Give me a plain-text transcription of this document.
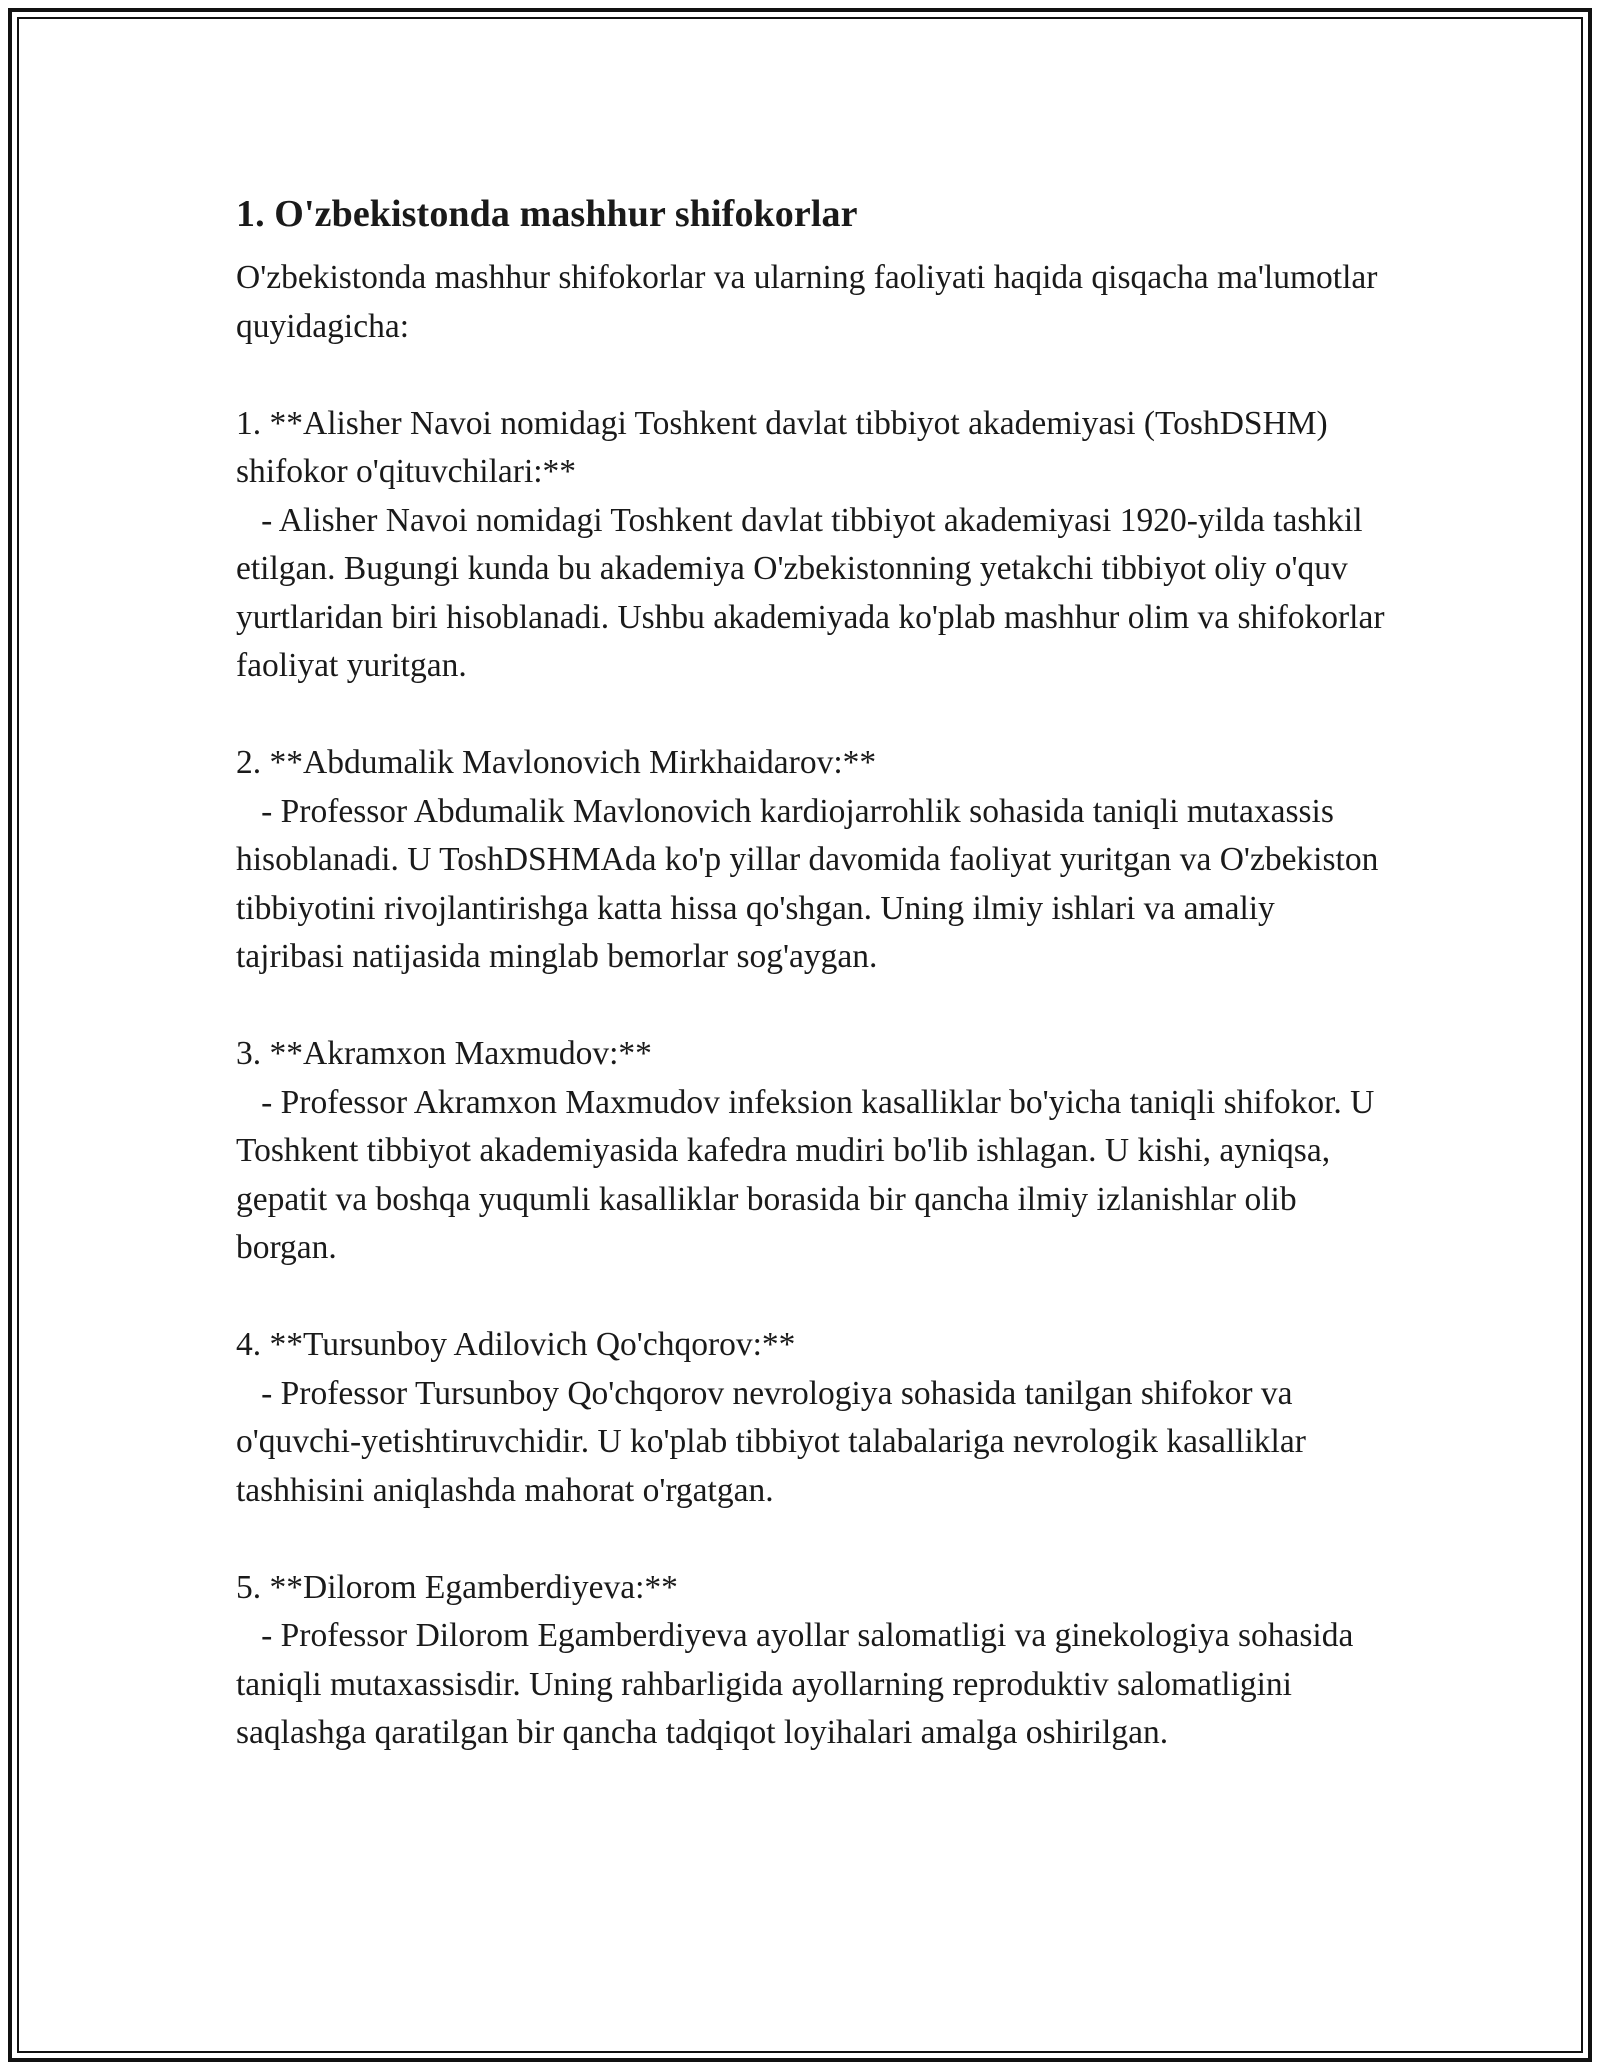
1. O'zbekistonda mashhur shifokorlar

O'zbekistonda mashhur shifokorlar va ularning faoliyati haqida qisqacha ma'lumotlar quyidagicha:

1. **Alisher Navoi nomidagi Toshkent davlat tibbiyot akademiyasi (ToshDSHM) shifokor o'qituvchilari:**
- Alisher Navoi nomidagi Toshkent davlat tibbiyot akademiyasi 1920-yilda tashkil etilgan. Bugungi kunda bu akademiya O'zbekistonning yetakchi tibbiyot oliy o'quv yurtlaridan biri hisoblanadi. Ushbu akademiyada ko'plab mashhur olim va shifokorlar faoliyat yuritgan.
2. **Abdumalik Mavlonovich Mirkhaidarov:**
- Professor Abdumalik Mavlonovich kardiojarrohlik sohasida taniqli mutaxassis hisoblanadi. U ToshDSHMAda ko'p yillar davomida faoliyat yuritgan va O'zbekiston tibbiyotini rivojlantirishga katta hissa qo'shgan. Uning ilmiy ishlari va amaliy tajribasi natijasida minglab bemorlar sog'aygan.
3. **Akramxon Maxmudov:**
- Professor Akramxon Maxmudov infeksion kasalliklar bo'yicha taniqli shifokor. U Toshkent tibbiyot akademiyasida kafedra mudiri bo'lib ishlagan. U kishi, ayniqsa, gepatit va boshqa yuqumli kasalliklar borasida bir qancha ilmiy izlanishlar olib borgan.
4. **Tursunboy Adilovich Qo'chqorov:**
- Professor Tursunboy Qo'chqorov nevrologiya sohasida tanilgan shifokor va o'quvchi-yetishtiruvchidir. U ko'plab tibbiyot talabalariga nevrologik kasalliklar tashhisini aniqlashda mahorat o'rgatgan.
5. **Dilorom Egamberdiyeva:**
- Professor Dilorom Egamberdiyeva ayollar salomatligi va ginekologiya sohasida taniqli mutaxassisdir. Uning rahbarligida ayollarning reproduktiv salomatligini saqlashga qaratilgan bir qancha tadqiqot loyihalari amalga oshirilgan.
